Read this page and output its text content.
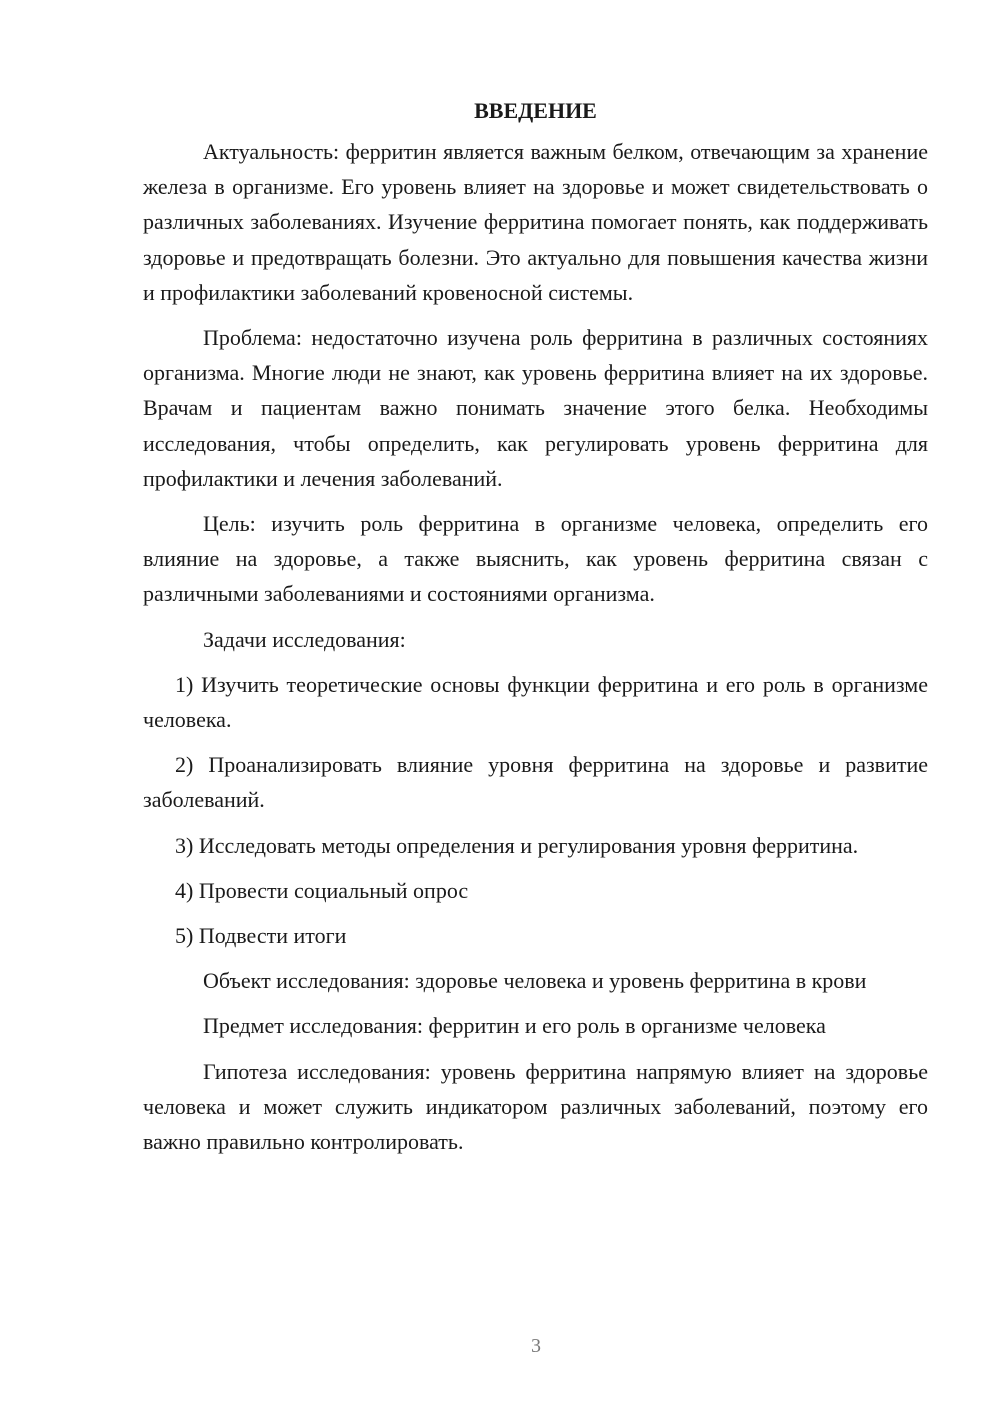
ВВЕДЕНИЕ

Актуальность: ферритин является важным белком, отвечающим за хранение железа в организме. Его уровень влияет на здоровье и может свидетельствовать о различных заболеваниях. Изучение ферритина помогает понять, как поддерживать здоровье и предотвращать болезни. Это актуально для повышения качества жизни и профилактики заболеваний кровеносной системы.

Проблема: недостаточно изучена роль ферритина в различных состояниях организма. Многие люди не знают, как уровень ферритина влияет на их здоровье. Врачам и пациентам важно понимать значение этого белка. Необходимы исследования, чтобы определить, как регулировать уровень ферритина для профилактики и лечения заболеваний.

Цель: изучить роль ферритина в организме человека, определить его влияние на здоровье, а также выяснить, как уровень ферритина связан с различными заболеваниями и состояниями организма.

Задачи исследования:

1) Изучить теоретические основы функции ферритина и его роль в организме человека.

2) Проанализировать влияние уровня ферритина на здоровье и развитие заболеваний.

3) Исследовать методы определения и регулирования уровня ферритина.

4) Провести социальный опрос

5) Подвести итоги

Объект исследования: здоровье человека и уровень ферритина в крови

Предмет исследования: ферритин и его роль в организме человека

Гипотеза исследования: уровень ферритина напрямую влияет на здоровье человека и может служить индикатором различных заболеваний, поэтому его важно правильно контролировать.

3
